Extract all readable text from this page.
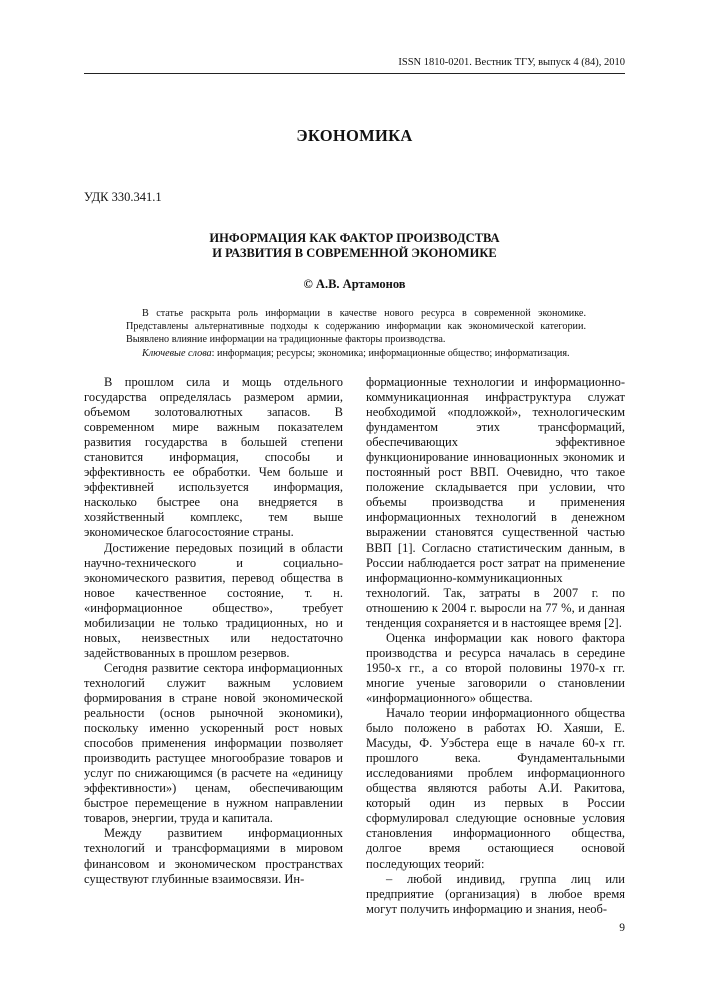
ISSN 1810-0201. Вестник ТГУ, выпуск 4 (84), 2010
ЭКОНОМИКА
УДК 330.341.1
ИНФОРМАЦИЯ КАК ФАКТОР ПРОИЗВОДСТВА
И РАЗВИТИЯ В СОВРЕМЕННОЙ ЭКОНОМИКЕ
© А.В. Артамонов

В статье раскрыта роль информации в качестве нового ресурса в современной экономике. Представлены альтернативные подходы к содержанию информации как экономической категории. Выявлено влияние информации на традиционные факторы производства.

Ключевые слова: информация; ресурсы; экономика; информационные общество; информатизация.

В прошлом сила и мощь отдельного государства определялась размером армии, объемом золотовалютных запасов. В современном мире важным показателем развития государства в большей степени становится информация, способы и эффективность ее обработки. Чем больше и эффективней используется информация, насколько быстрее она внедряется в хозяйственный комплекс, тем выше экономическое благосостояние страны.

Достижение передовых позиций в области научно-технического и социально-экономического развития, перевод общества в новое качественное состояние, т. н. «информационное общество», требует мобилизации не только традиционных, но и новых, неизвестных или недостаточно задействованных в прошлом резервов.

Сегодня развитие сектора информационных технологий служит важным условием формирования в стране новой экономической реальности (основ рыночной экономики), поскольку именно ускоренный рост новых способов применения информации позволяет производить растущее многообразие товаров и услуг по снижающимся (в расчете на «единицу эффективности») ценам, обеспечивающим быстрое перемещение в нужном направлении товаров, энергии, труда и капитала.

Между развитием информационных технологий и трансформациями в мировом финансовом и экономическом пространствах существуют глубинные взаимосвязи. Ин-

формационные технологии и информационно-коммуникационная инфраструктура служат необходимой «подложкой», технологическим фундаментом этих трансформаций, обеспечивающих эффективное функционирование инновационных экономик и постоянный рост ВВП. Очевидно, что такое положение складывается при условии, что объемы производства и применения информационных технологий в денежном выражении становятся существенной частью ВВП [1]. Согласно статистическим данным, в России наблюдается рост затрат на применение информационно-коммуникационных технологий. Так, затраты в 2007 г. по отношению к 2004 г. выросли на 77 %, и данная тенденция сохраняется и в настоящее время [2].

Оценка информации как нового фактора производства и ресурса началась в середине 1950-х гг., а со второй половины 1970-х гг. многие ученые заговорили о становлении «информационного» общества.

Начало теории информационного общества было положено в работах Ю. Хаяши, Е. Масуды, Ф. Уэбстера еще в начале 60-х гг. прошлого века. Фундаментальными исследованиями проблем информационного общества являются работы А.И. Ракитова, который один из первых в России сформулировал следующие основные условия становления информационного общества, долгое время остающиеся основой последующих теорий:

– любой индивид, группа лиц или предприятие (организация) в любое время могут получить информацию и знания, необ-

9
